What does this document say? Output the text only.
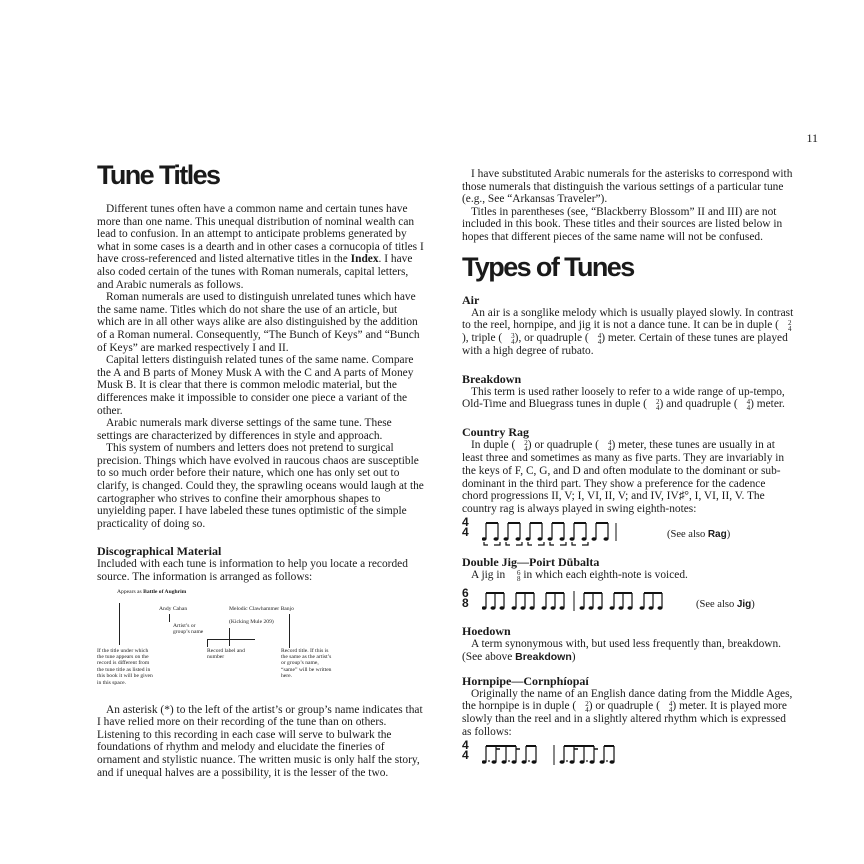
11
Tune Titles

Different tunes often have a common name and certain tunes have more than one name. This unequal distribution of nominal wealth can lead to confusion. In an attempt to anticipate problems generated by what in some cases is a dearth and in other cases a cornucopia of titles I have cross-referenced and listed alternative titles in the Index. I have also coded certain of the tunes with Roman numerals, capital letters, and Arabic numerals as follows.

Roman numerals are used to distinguish unrelated tunes which have the same name. Titles which do not share the use of an article, but which are in all other ways alike are also distinguished by the addition of a Roman numeral. Consequently, “The Bunch of Keys” and “Bunch of Keys” are marked respectively I and II.

Capital letters distinguish related tunes of the same name. Compare the A and B parts of Money Musk A with the C and A parts of Money Musk B. It is clear that there is common melodic material, but the differences make it impossible to consider one piece a variant of the other.

Arabic numerals mark diverse settings of the same tune. These settings are characterized by differences in style and approach.

This system of numbers and letters does not pretend to surgical precision. Things which have evolved in raucous chaos are susceptible to so much order before their nature, which one has only set out to clarify, is changed. Could they, the sprawling oceans would laugh at the cartographer who strives to confine their amorphous shapes to unyielding paper. I have labeled these tunes optimistic of the simple practicality of doing so.

Discographical Material

Included with each tune is information to help you locate a recorded source. The information is arranged as follows:

Appears as Battle of Aughrim
Andy Cahan
Artist’s or group’s name
Melodic Clawhammer Banjo
(Kicking Mule 209)
If the title under which the tune appears on the record is different from the tune title as listed in this book it will be given in this space.
Record label and number
Record title. If this is the same as the artist’s or group’s name, “same” will be written here.

An asterisk (*) to the left of the artist’s or group’s name indicates that I have relied more on their recording of the tune than on others. Listening to this recording in each case will serve to bulwark the foundations of rhythm and melody and elucidate the fineries of ornament and stylistic nuance. The written music is only half the story, and if unequal halves are a possibility, it is the lesser of the two.

I have substituted Arabic numerals for the asterisks to correspond with those numerals that distinguish the various settings of a particular tune (e.g., See “Arkansas Traveler”).

Titles in parentheses (see, “Blackberry Blossom” II and III) are not included in this book. These titles and their sources are listed below in hopes that different pieces of the same name will not be confused.

Types of Tunes
Air

An air is a songlike melody which is usually played slowly. In contrast to the reel, hornpipe, and jig it is not a dance tune. It can be in duple (	2
4
), triple (	3
4 ), or quadruple (	4
4 ) meter. Certain of these tunes are played with a high degree of rubato.

Breakdown

This term is used rather loosely to refer to a wide range of up-tempo, Old-Time and Bluegrass tunes in duple (	2
4 ) and quadruple (	4
4 ) meter.

Country Rag

In duple (	2
4 ) or quadruple (	4
4 ) meter, these tunes are usually in at least three and sometimes as many as five parts. They are invariably in the keys of F, C, G, and D and often modulate to the dominant or sub-dominant in the third part. They show a preference for the cadence chord progressions II, V; I, VI, II, V; and IV, IV♯°, I, VI, II, V. The country rag is always played in swing eighth-notes:

4
4	(See also Rag)
Double Jig—Poirt Dūbalta

A jig in	6
8 in which each eighth-note is voiced.

6
8	(See also Jig)
Hoedown

A term synonymous with, but used less frequently than, breakdown. (See above Breakdown)

Hornpipe—Cornphíopaí

Originally the name of an English dance dating from the Middle Ages, the hornpipe is in duple (	2
4 ) or quadruple (	4
4 ) meter. It is played more slowly than the reel and in a slightly altered rhythm which is expressed as follows:

4
4
